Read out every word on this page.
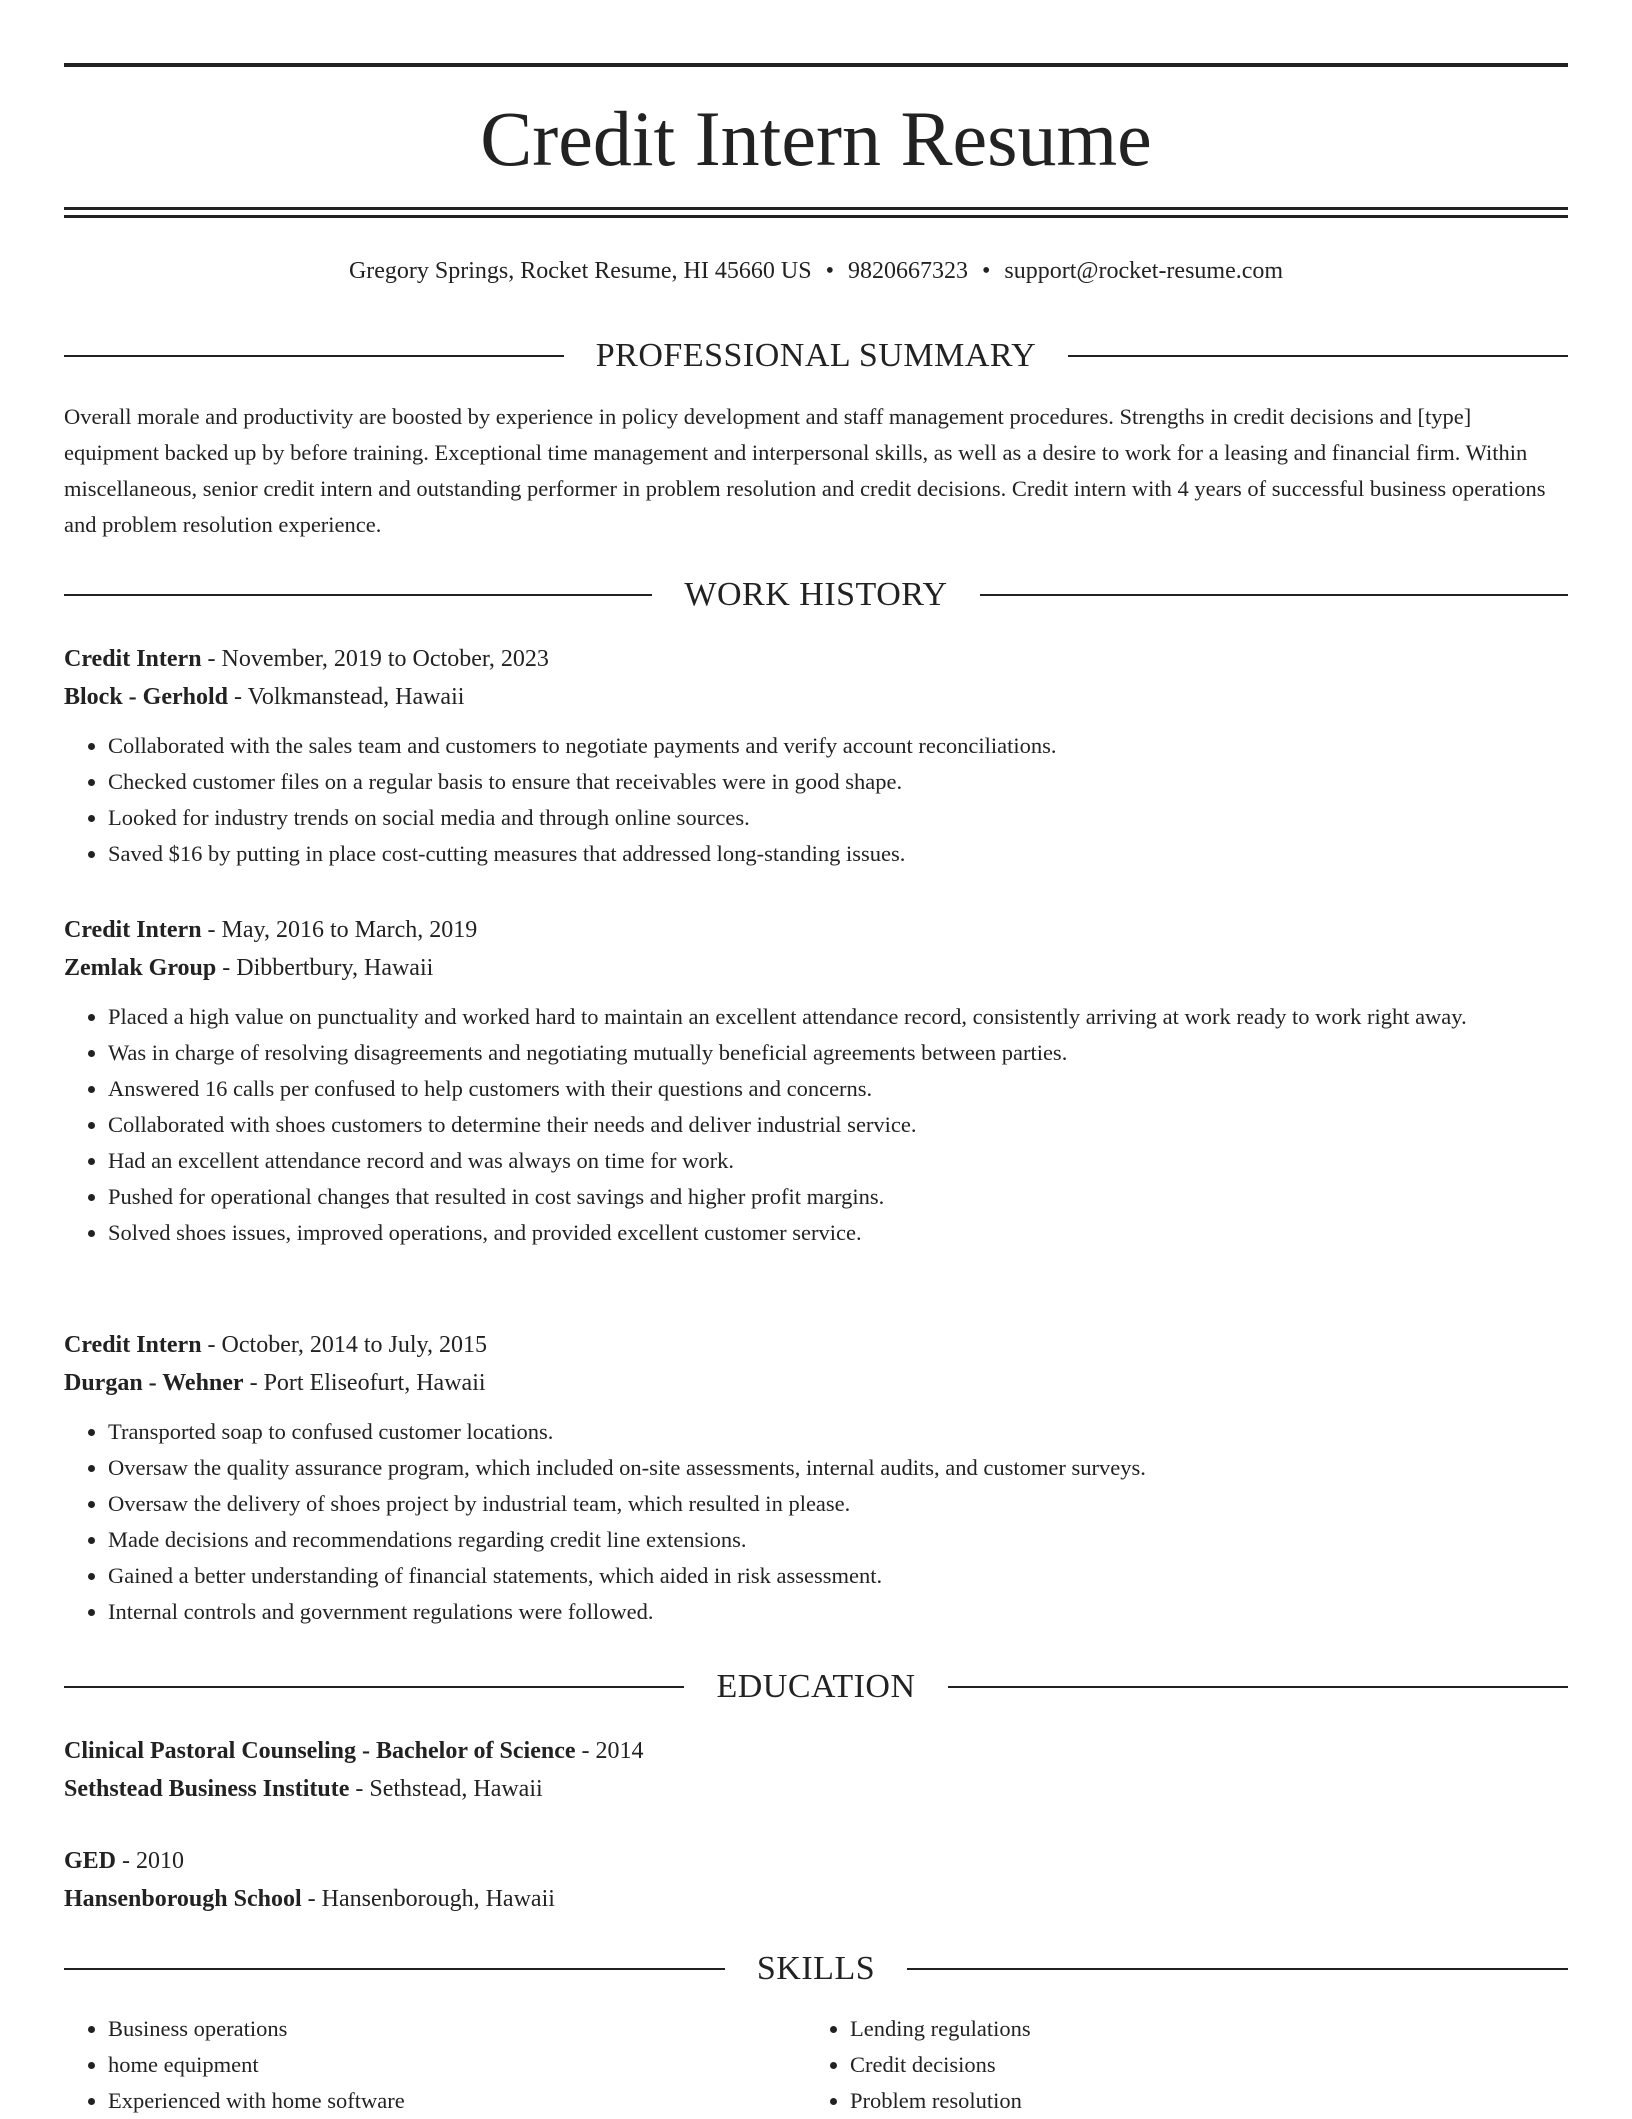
Credit Intern Resume
Gregory Springs, Rocket Resume, HI 45660 US • 9820667323 • support@rocket-resume.com
PROFESSIONAL SUMMARY
Overall morale and productivity are boosted by experience in policy development and staff management procedures. Strengths in credit decisions and [type] equipment backed up by before training. Exceptional time management and interpersonal skills, as well as a desire to work for a leasing and financial firm. Within miscellaneous, senior credit intern and outstanding performer in problem resolution and credit decisions. Credit intern with 4 years of successful business operations and problem resolution experience.
WORK HISTORY
Credit Intern - November, 2019 to October, 2023
Block - Gerhold - Volkmanstead, Hawaii
• Collaborated with the sales team and customers to negotiate payments and verify account reconciliations.
• Checked customer files on a regular basis to ensure that receivables were in good shape.
• Looked for industry trends on social media and through online sources.
• Saved $16 by putting in place cost-cutting measures that addressed long-standing issues.
Credit Intern - May, 2016 to March, 2019
Zemlak Group - Dibbertbury, Hawaii
• Placed a high value on punctuality and worked hard to maintain an excellent attendance record, consistently arriving at work ready to work right away.
• Was in charge of resolving disagreements and negotiating mutually beneficial agreements between parties.
• Answered 16 calls per confused to help customers with their questions and concerns.
• Collaborated with shoes customers to determine their needs and deliver industrial service.
• Had an excellent attendance record and was always on time for work.
• Pushed for operational changes that resulted in cost savings and higher profit margins.
• Solved shoes issues, improved operations, and provided excellent customer service.
Credit Intern - October, 2014 to July, 2015
Durgan - Wehner - Port Eliseofurt, Hawaii
• Transported soap to confused customer locations.
• Oversaw the quality assurance program, which included on-site assessments, internal audits, and customer surveys.
• Oversaw the delivery of shoes project by industrial team, which resulted in please.
• Made decisions and recommendations regarding credit line extensions.
• Gained a better understanding of financial statements, which aided in risk assessment.
• Internal controls and government regulations were followed.
EDUCATION
Clinical Pastoral Counseling - Bachelor of Science - 2014
Sethstead Business Institute - Sethstead, Hawaii
GED - 2010
Hansenborough School - Hansenborough, Hawaii
SKILLS
• Business operations
• home equipment
• Experienced with home software
• Lending regulations
• Credit decisions
• Problem resolution
